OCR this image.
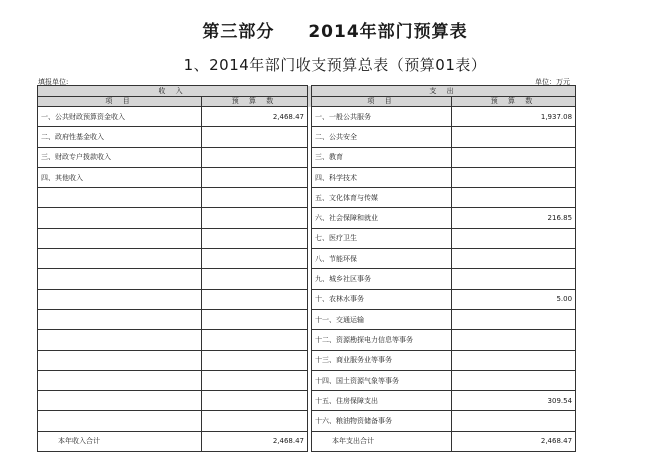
第三部分 2014年部门预算表
1、2014年部门收支预算总表（预算01表）
填报单位:	单位：万元
收 入			支 出	
项 目	预 算 数		项 目	预 算 数
一、公共财政预算资金收入	2,468.47		一、一般公共服务	1,937.08
二、政府性基金收入			二、公共安全	
三、财政专户拨款收入			三、教育	
四、其他收入			四、科学技术	
			五、文化体育与传媒	
			六、社会保障和就业	216.85
			七、医疗卫生	
			八、节能环保	
			九、城乡社区事务	
			十、农林水事务	5.00
			十一、交通运输	
			十二、资源勘探电力信息等事务	
			十三、商业服务业等事务	
			十四、国土资源气象等事务	
			十五、住房保障支出	309.54
			十六、粮油物资储备事务	
本年收入合计	2,468.47		本年支出合计	2,468.47
